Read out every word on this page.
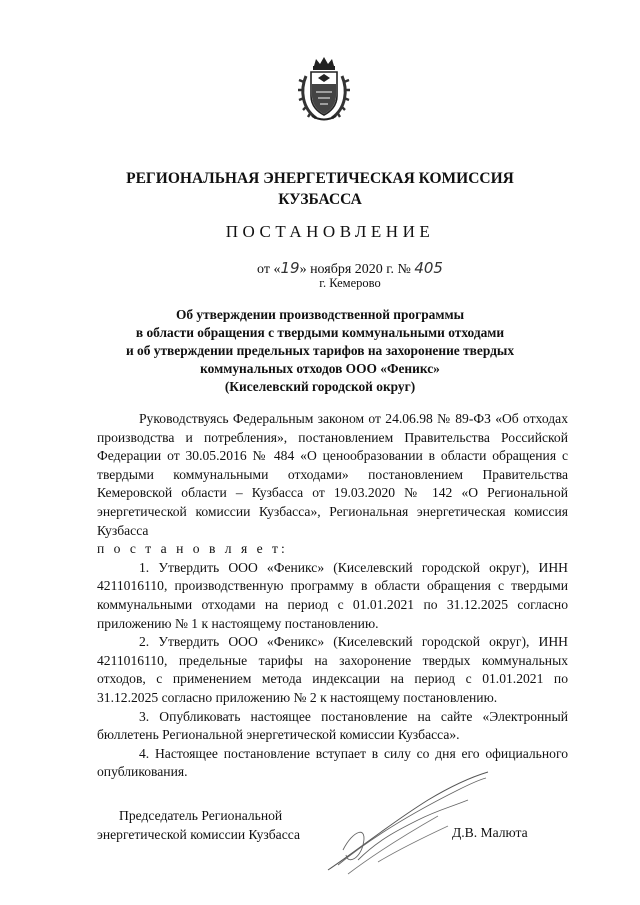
РЕГИОНАЛЬНАЯ ЭНЕРГЕТИЧЕСКАЯ КОМИССИЯ
КУЗБАССА
ПОСТАНОВЛЕНИЕ
от «19» ноября 2020 г. № 405
г. Кемерово
Об утверждении производственной программы
в области обращения с твердыми коммунальными отходами
и об утверждении предельных тарифов на захоронение твердых
коммунальных отходов ООО «Феникс»
(Киселевский городской округ)

Руководствуясь Федеральным законом от 24.06.98 № 89-ФЗ «Об отходах производства и потребления», постановлением Правительства Российской Федерации от 30.05.2016 № 484 «О ценообразовании в области обращения с твердыми коммунальными отходами» постановлением Правительства Кемеровской области – Кузбасса от 19.03.2020 № 142 «О Региональной энергетической комиссии Кузбасса», Региональная энергетическая комиссия Кузбасса

п о с т а н о в л я е т:

1. Утвердить ООО «Феникс» (Киселевский городской округ), ИНН 4211016110, производственную программу в области обращения с твердыми коммунальными отходами на период с 01.01.2021 по 31.12.2025 согласно приложению № 1 к настоящему постановлению.

2. Утвердить ООО «Феникс» (Киселевский городской округ), ИНН 4211016110, предельные тарифы на захоронение твердых коммунальных отходов, с применением метода индексации на период с 01.01.2021 по 31.12.2025 согласно приложению № 2 к настоящему постановлению.

3. Опубликовать настоящее постановление на сайте «Электронный бюллетень Региональной энергетической комиссии Кузбасса».

4. Настоящее постановление вступает в силу со дня его официального опубликования.

Председатель Региональной
энергетической комиссии Кузбасса	Д.В. Малюта
